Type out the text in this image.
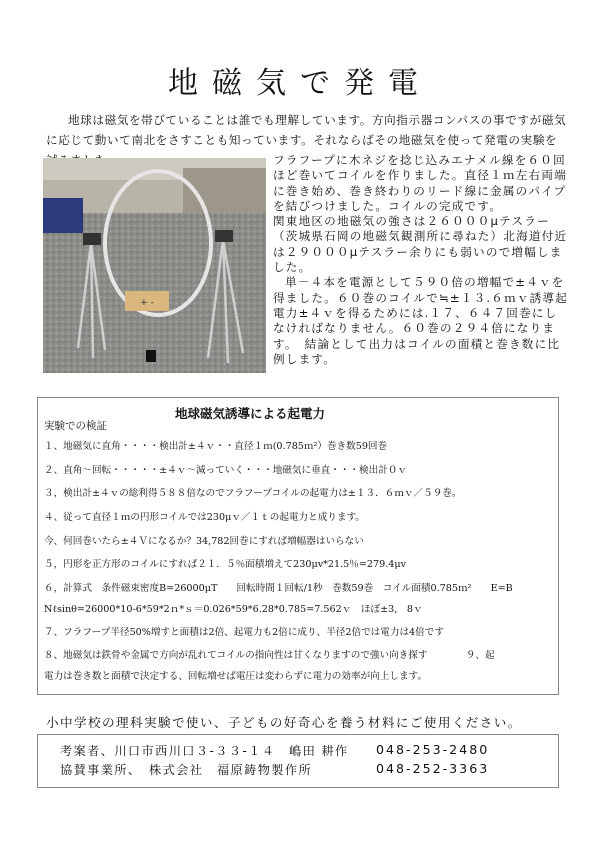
地磁気で発電
地球は磁気を帯びていることは誰でも理解しています。方向指示器コンパスの事ですが磁気に応じて動いて南北をさすことも知っています。それならばその地磁気を使って発電の実験を
+ -

フラフープに木ネジを捻じ込みエナメル線を６０回ほど巻いてコイルを作りました。直径１ｍ左右両端に巻き始め、巻き終わりのリード線に金属のパイプを結びつけました。コイルの完成です。

関東地区の地磁気の強さは２６０００μテスラー（茨城県石岡の地磁気観測所に尋ねた）北海道付近は２９０００μテスラー余りにも弱いので増幅しました。

単－４本を電源として５９０倍の増幅で±４ｖを得ました。６０巻のコイルで≒±１３.６ｍｖ誘導起電力±４ｖを得るためには.１７、６４７回巻にしなければなりません。６０巻の２９４倍になります。　結論として出力はコイルの面積と巻き数に比例します。

地球磁気誘導による起電力
実験での検証
１、地磁気に直角・・・・検出計±４ｖ・・直径１ｍ(0.785ｍ²）巻き数59回巻
２、直角～回転・・・・・±４ｖ～減っていく・・・地磁気に垂直・・・検出計０ｖ
３，検出計±４ｖの総利得５８８倍なのでフラフープコイルの起電力は±１３．６ｍｖ／５９巻。
４、従って直径１ｍの円形コイルでは230μｖ／１ｔの起電力と成ります。
今、何回巻いたら±４Ｖになるか？34,782回巻にすれば増幅器はいらない
５，円形を正方形のコイルにすれば２１．５％面積増えて230μv*21.5％=279.4μv
６，計算式　条件磁束密度B=26000μT　　回転時間１回転/1秒　巻数59巻　コイル面積0.785ｍ²　　E=B
Nℓsinθ=26000*10-6*59*2ｎ*ｓ＝0.026*59*6.28*0.785=7.562ｖ　ほぼ±3,　8ｖ
７、フラフープ半径50%増すと面積は2倍、起電力も2倍に成り、半径2倍では電力は4倍です
８、地磁気は鉄骨や金属で方向が乱れてコイルの指向性は甘くなりますので強い向き探す　　　　９、起
電力は巻き数と面積で決定する、回転増せば電圧は変わらずに電力の効率が向上します。
小中学校の理科実験で使い、子どもの好奇心を養う材料にご使用ください。
考案者、川口市西川口３-３３-１４　嶋田 耕作 048-253-2480
協賛事業所、　株式会社　福原鋳物製作所	048-252-3363
